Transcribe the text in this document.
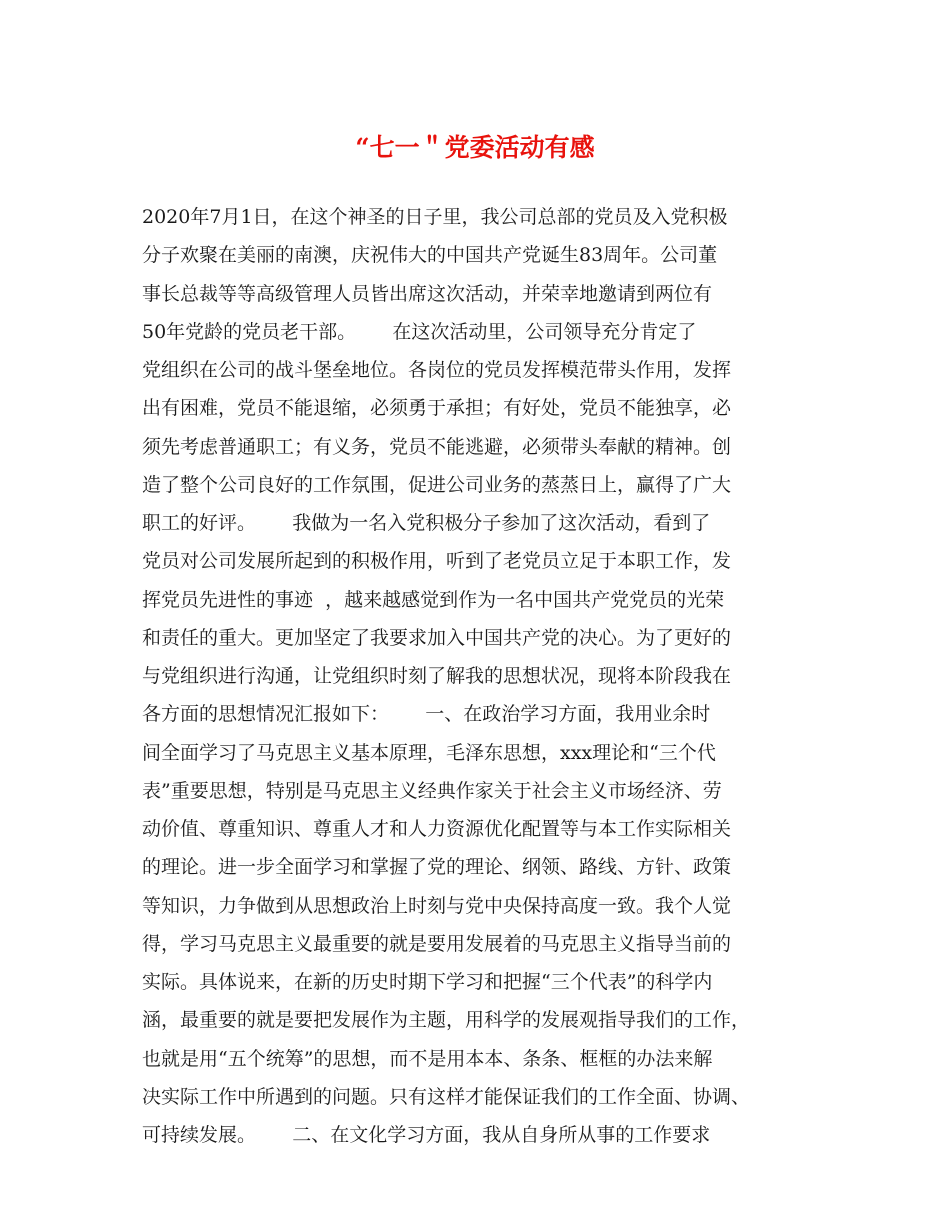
“七一＂党委活动有感
2020年7月1日，在这个神圣的日子里，我公司总部的党员及入党积极
分子欢聚在美丽的南澳，庆祝伟大的中国共产党诞生83周年。公司董
事长总裁等等高级管理人员皆出席这次活动，并荣幸地邀请到两位有
50年党龄的党员老干部。      在这次活动里，公司领导充分肯定了
党组织在公司的战斗堡垒地位。各岗位的党员发挥模范带头作用，发挥
出有困难，党员不能退缩，必须勇于承担；有好处，党员不能独享，必
须先考虑普通职工；有义务，党员不能逃避，必须带头奉献的精神。创
造了整个公司良好的工作氛围，促进公司业务的蒸蒸日上，赢得了广大
职工的好评。      我做为一名入党积极分子参加了这次活动，看到了
党员对公司发展所起到的积极作用，听到了老党员立足于本职工作，发
挥党员先进性的事迹  ，越来越感觉到作为一名中国共产党党员的光荣
和责任的重大。更加坚定了我要求加入中国共产党的决心。为了更好的
与党组织进行沟通，让党组织时刻了解我的思想状况，现将本阶段我在
各方面的思想情况汇报如下：      一、在政治学习方面，我用业余时
间全面学习了马克思主义基本原理，毛泽东思想，xxx理论和“三个代
表”重要思想，特别是马克思主义经典作家关于社会主义市场经济、劳
动价值、尊重知识、尊重人才和人力资源优化配置等与本工作实际相关
的理论。进一步全面学习和掌握了党的理论、纲领、路线、方针、政策
等知识，力争做到从思想政治上时刻与党中央保持高度一致。我个人觉
得，学习马克思主义最重要的就是要用发展着的马克思主义指导当前的
实际。具体说来，在新的历史时期下学习和把握“三个代表”的科学内
涵，最重要的就是要把发展作为主题，用科学的发展观指导我们的工作，
也就是用“五个统筹”的思想，而不是用本本、条条、框框的办法来解
决实际工作中所遇到的问题。只有这样才能保证我们的工作全面、协调、
可持续发展。      二、在文化学习方面，我从自身所从事的工作要求
